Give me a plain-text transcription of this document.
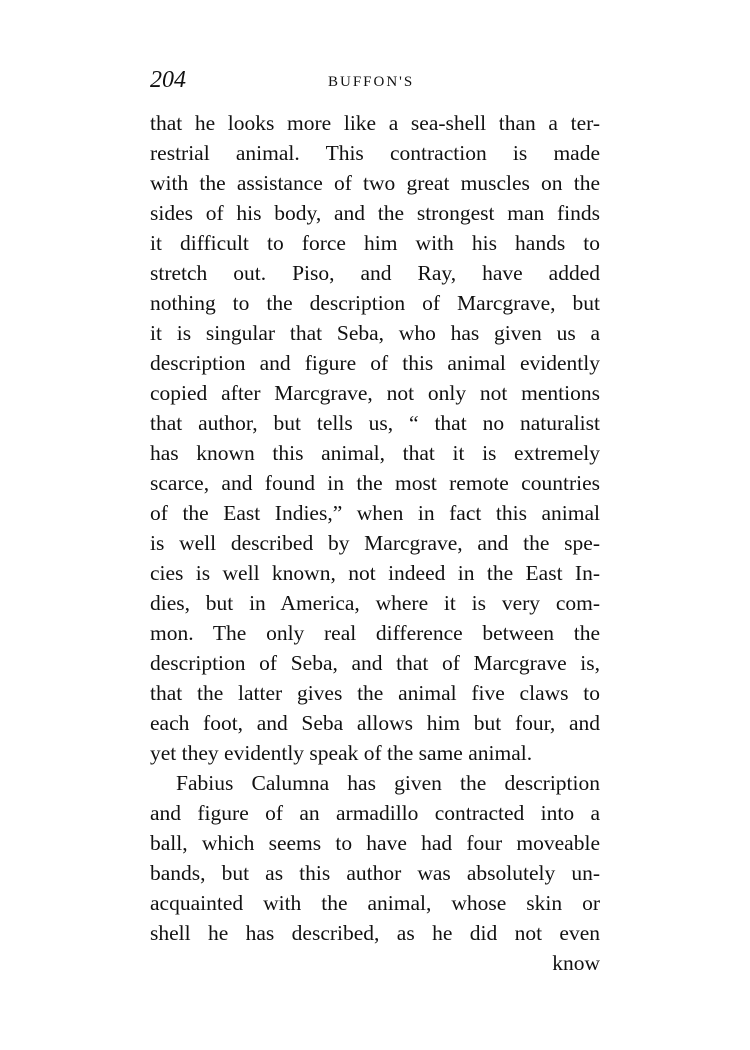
204	BUFFON'S
that he looks more like a sea-shell than a ter-
restrial animal. This contraction is made
with the assistance of two great muscles on the
sides of his body, and the strongest man finds
it difficult to force him with his hands to
stretch out. Piso, and Ray, have added
nothing to the description of Marcgrave, but
it is singular that Seba, who has given us a
description and figure of this animal evidently
copied after Marcgrave, not only not mentions
that author, but tells us, “ that no naturalist
has known this animal, that it is extremely
scarce, and found in the most remote countries
of the East Indies,” when in fact this animal
is well described by Marcgrave, and the spe-
cies is well known, not indeed in the East In-
dies, but in America, where it is very com-
mon. The only real difference between the
description of Seba, and that of Marcgrave is,
that the latter gives the animal five claws to
each foot, and Seba allows him but four, and
yet they evidently speak of the same animal.
Fabius Calumna has given the description
and figure of an armadillo contracted into a
ball, which seems to have had four moveable
bands, but as this author was absolutely un-
acquainted with the animal, whose skin or
shell he has described, as he did not even
know
